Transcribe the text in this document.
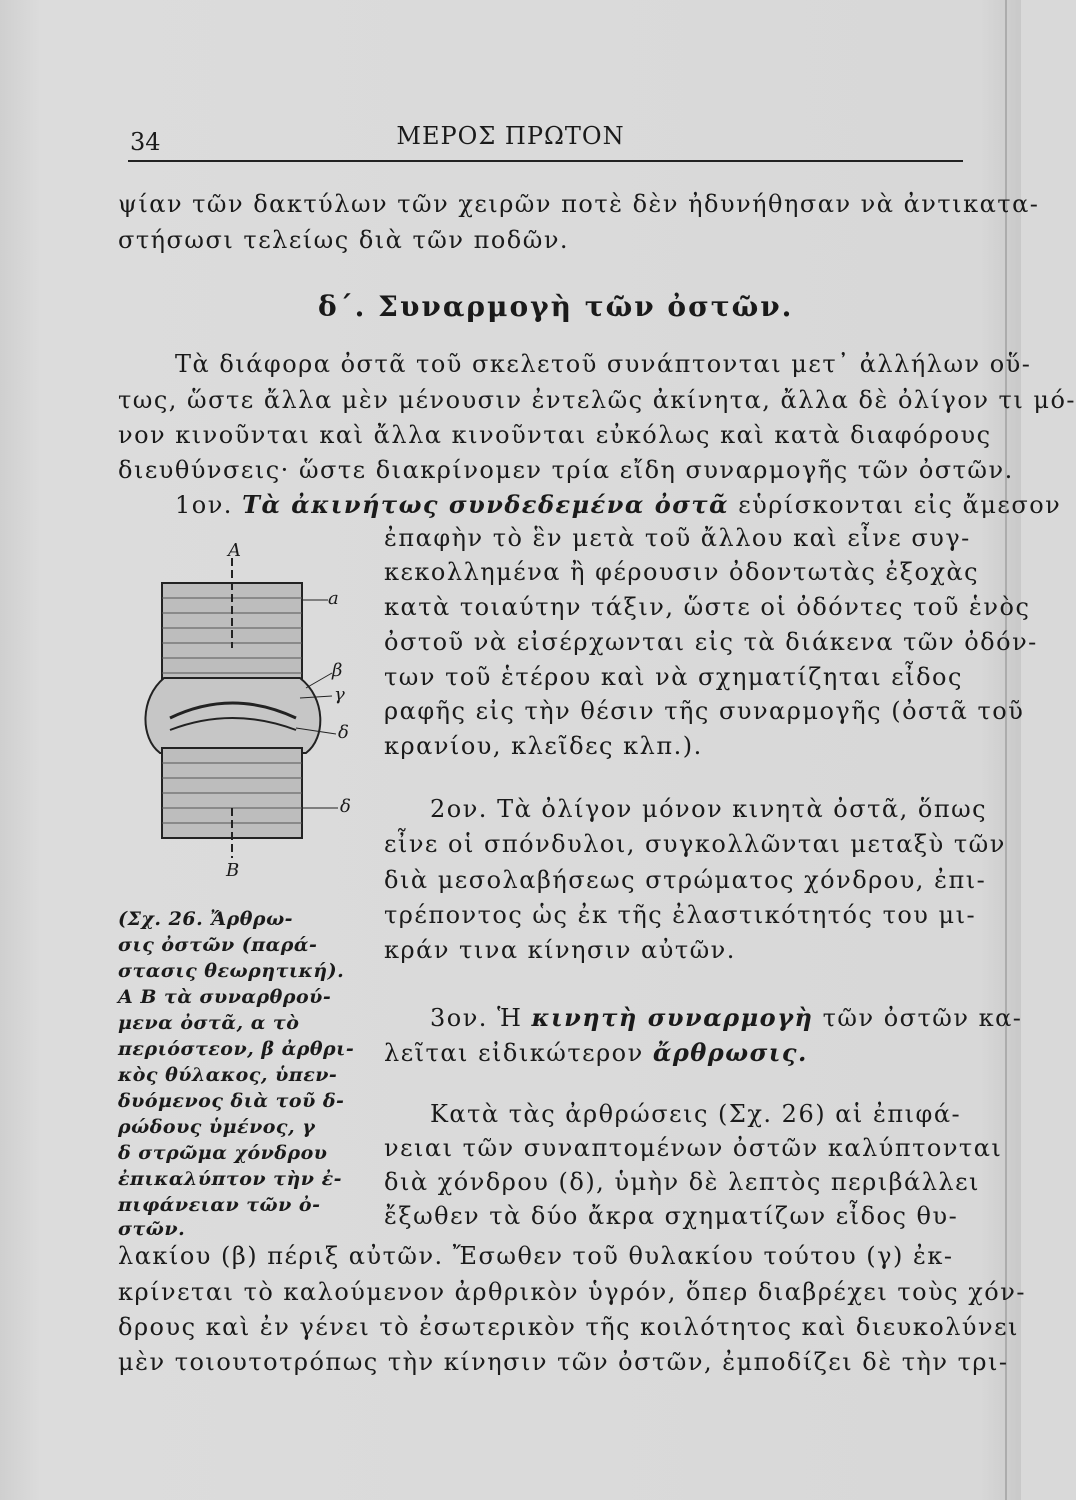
34	ΜΕΡΟΣ ΠΡΩΤΟΝ
ψίαν τῶν δακτύλων τῶν χειρῶν ποτὲ δὲν ἠδυνήθησαν νὰ ἀντικατα-
στήσωσι τελείως διὰ τῶν ποδῶν.
δ΄. Συναρμογὴ τῶν ὀστῶν.
Τὰ διάφορα ὀστᾶ τοῦ σκελετοῦ συνάπτονται μετ᾽ ἀλλήλων οὕ-
τως, ὥστε ἄλλα μὲν μένουσιν ἐντελῶς ἀκίνητα, ἄλλα δὲ ὀλίγον τι μό-
νον κινοῦνται καὶ ἄλλα κινοῦνται εὐκόλως καὶ κατὰ διαφόρους
διευθύνσεις· ὥστε διακρίνομεν τρία εἴδη συναρμογῆς τῶν ὀστῶν.
1ον. Τὰ ἀκινήτως συνδεδεμένα ὀστᾶ εὑρίσκονται εἰς ἄμεσον
ἐπαφὴν τὸ ἓν μετὰ τοῦ ἄλλου καὶ εἶνε συγ-
κεκολλημένα ἢ φέρουσιν ὀδοντωτὰς ἐξοχὰς
κατὰ τοιαύτην τάξιν, ὥστε οἱ ὀδόντες τοῦ ἑνὸς
ὀστοῦ νὰ εἰσέρχωνται εἰς τὰ διάκενα τῶν ὀδόν-
των τοῦ ἑτέρου καὶ νὰ σχηματίζηται εἶδος
ραφῆς εἰς τὴν θέσιν τῆς συναρμογῆς (ὀστᾶ τοῦ
κρανίου, κλεῖδες κλπ.).
2ον. Τὰ ὀλίγον μόνον κινητὰ ὀστᾶ, ὅπως
εἶνε οἱ σπόνδυλοι, συγκολλῶνται μεταξὺ τῶν
διὰ μεσολαβήσεως στρώματος χόνδρου, ἐπι-
τρέποντος ὡς ἐκ τῆς ἐλαστικότητός του μι-
κράν τινα κίνησιν αὐτῶν.
3ον. Ἡ κινητὴ συναρμογὴ τῶν ὀστῶν κα-
λεῖται εἰδικώτερον ἄρθρωσις.
Κατὰ τὰς ἀρθρώσεις (Σχ. 26) αἱ ἐπιφά-
νειαι τῶν συναπτομένων ὀστῶν καλύπτονται
διὰ χόνδρου (δ), ὑμὴν δὲ λεπτὸς περιβάλλει
ἔξωθεν τὰ δύο ἄκρα σχηματίζων εἶδος θυ-
λακίου (β) πέριξ αὐτῶν. Ἔσωθεν τοῦ θυλακίου τούτου (γ) ἐκ-
κρίνεται τὸ καλούμενον ἀρθρικὸν ὑγρόν, ὅπερ διαβρέχει τοὺς χόν-
δρους καὶ ἐν γένει τὸ ἐσωτερικὸν τῆς κοιλότητος καὶ διευκολύνει
μὲν τοιουτοτρόπως τὴν κίνησιν τῶν ὀστῶν, ἐμποδίζει δὲ τὴν τρι-
A
a
β
γ
δ
δ
B
(Σχ. 26. Ἄρθρω-
σις ὀστῶν (παρά-
στασις θεωρητική).
Α Β τὰ συναρθρού-
μενα ὀστᾶ, α τὸ
περιόστεον, β ἀρθρι-
κὸς θύλακος, ὑπεν-
δυόμενος διὰ τοῦ δ-
ρώδους ὑμένος, γ
δ στρῶμα χόνδρου
ἐπικαλύπτον τὴν ἐ-
πιφάνειαν τῶν ὀ-
στῶν.
